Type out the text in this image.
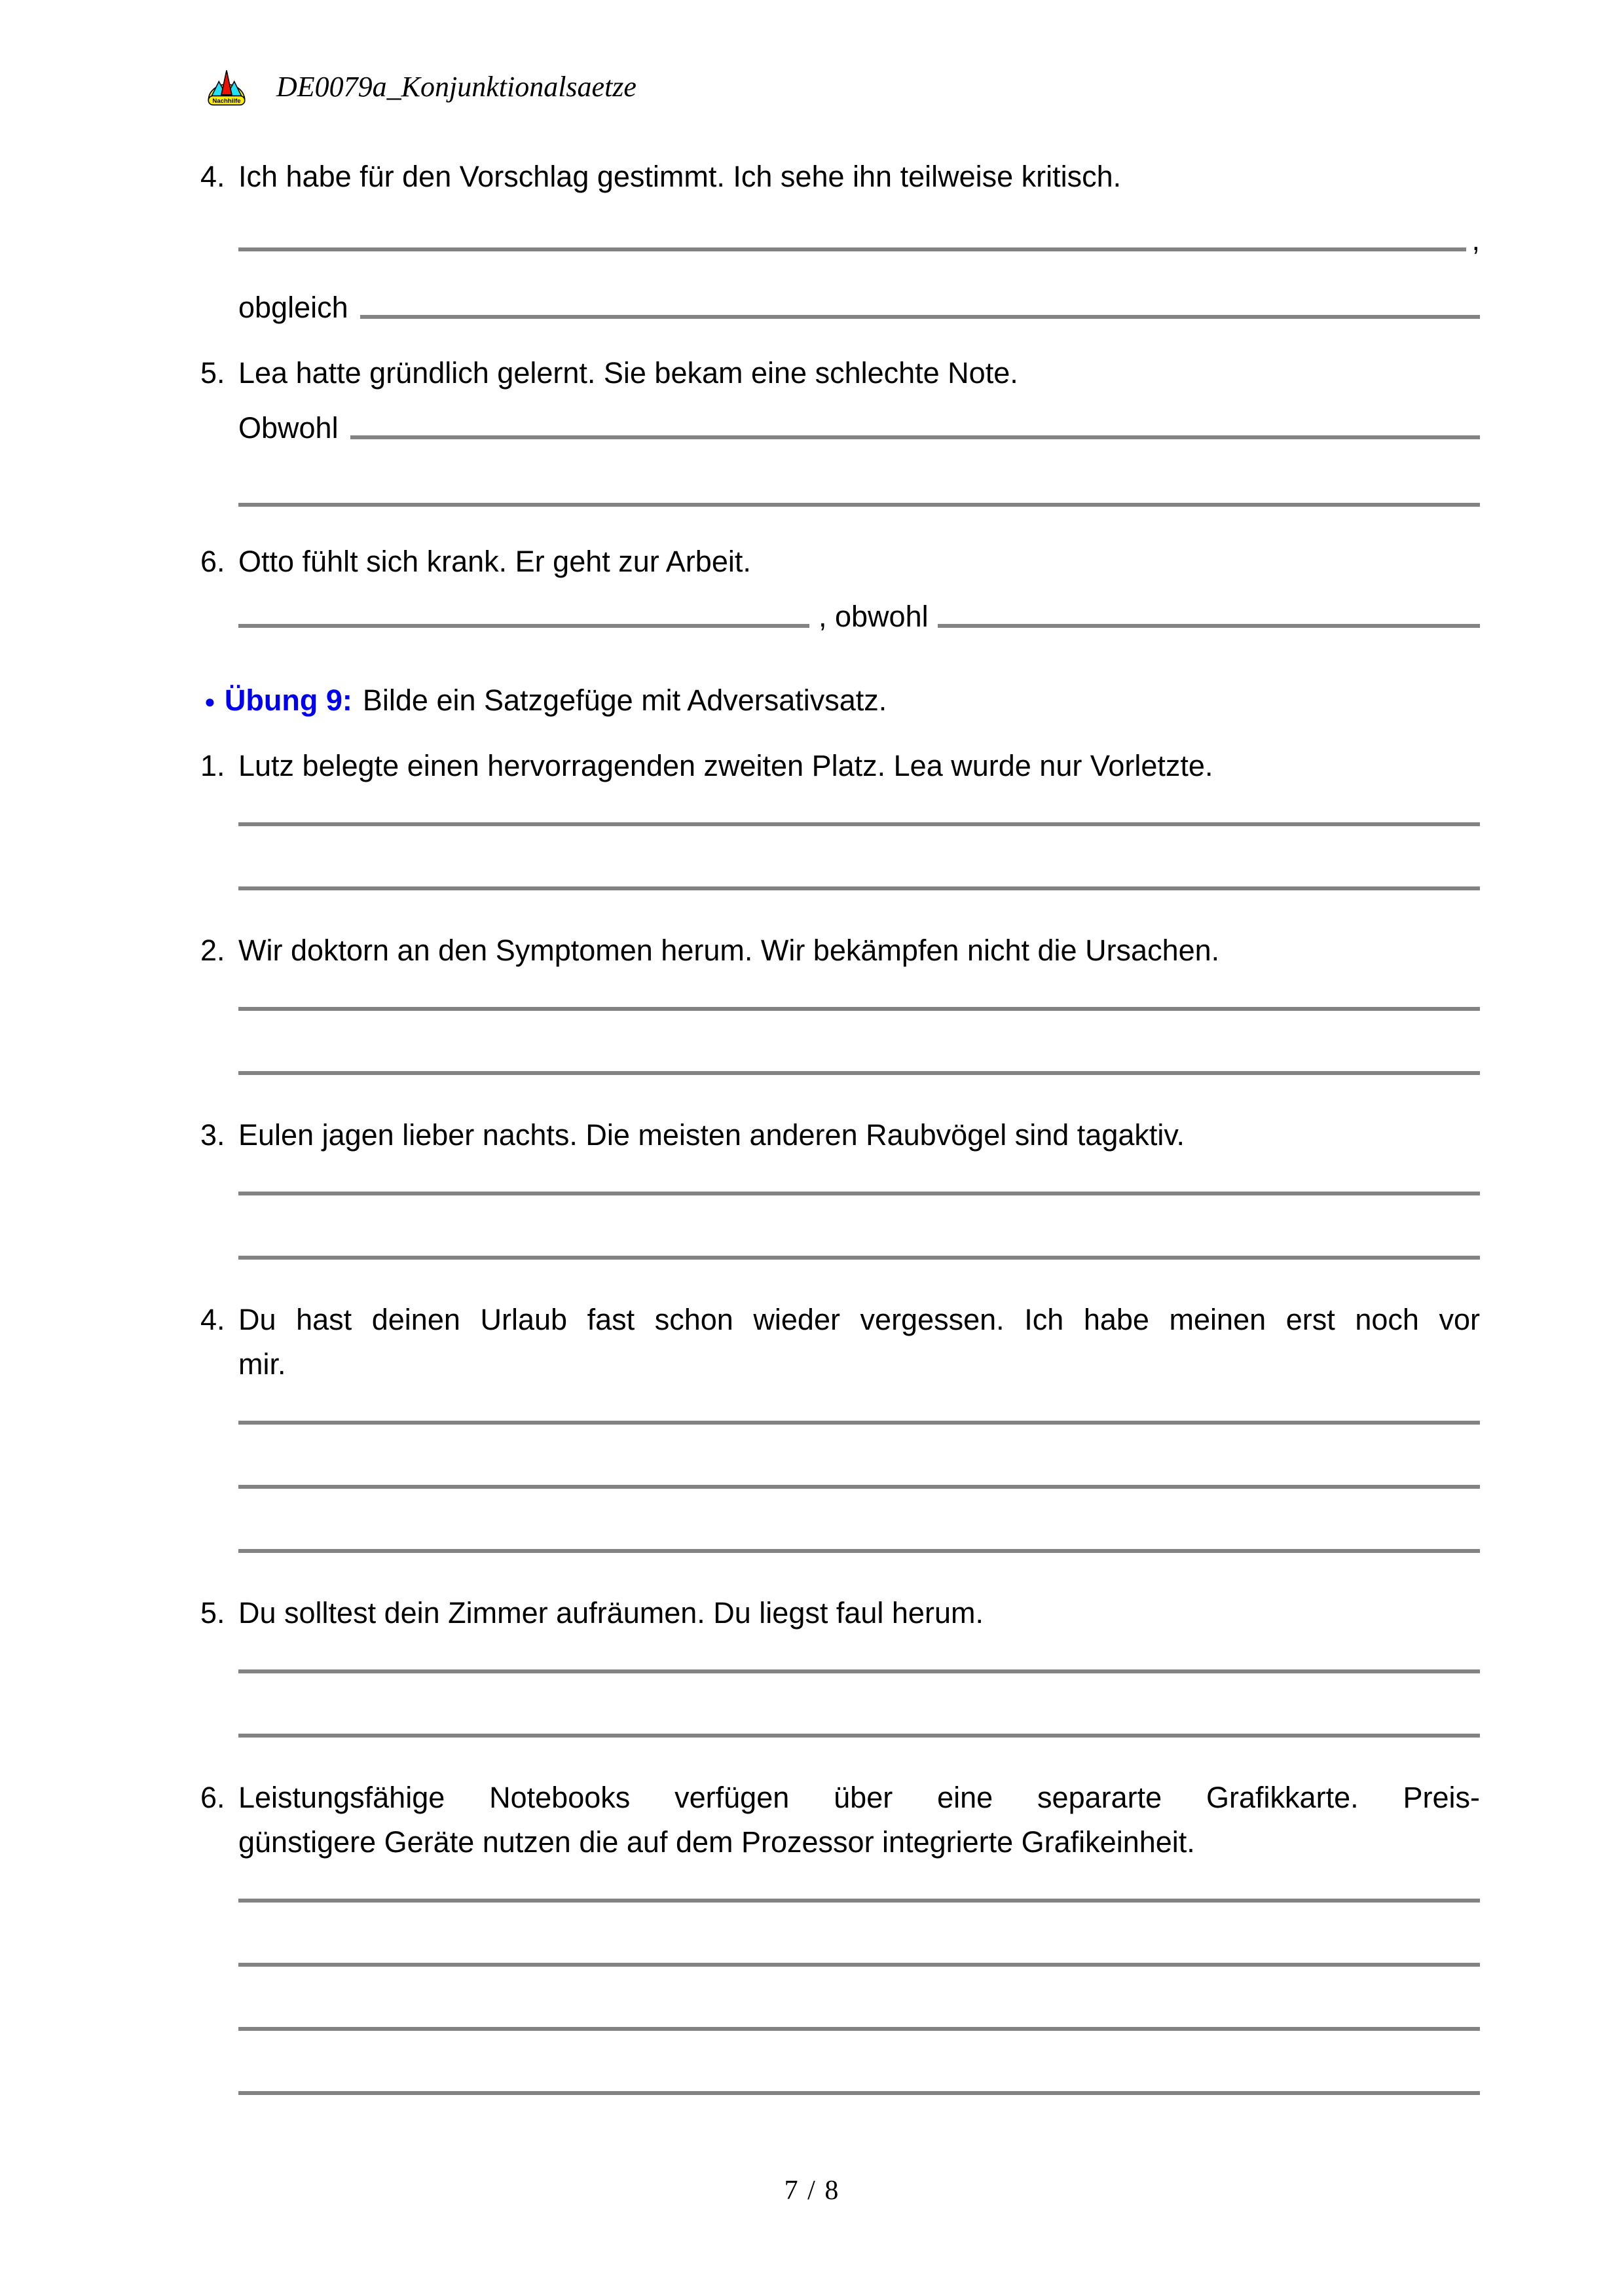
Nachhilfe DE0079a_Konjunktionalsaetze
4. Ich habe für den Vorschlag gestimmt. Ich sehe ihn teilweise kritisch.
,
obgleich
5. Lea hatte gründlich gelernt. Sie bekam eine schlechte Note.
Obwohl
6. Otto fühlt sich krank. Er geht zur Arbeit.
, obwohl
● Übung 9: Bilde ein Satzgefüge mit Adversativsatz.
1. Lutz belegte einen hervorragenden zweiten Platz. Lea wurde nur Vorletzte.
2. Wir doktorn an den Symptomen herum. Wir bekämpfen nicht die Ursachen.
3. Eulen jagen lieber nachts. Die meisten anderen Raubvögel sind tagaktiv.
4. Du hast deinen Urlaub fast schon wieder vergessen. Ich habe meinen erst noch vor
mir.
5. Du solltest dein Zimmer aufräumen. Du liegst faul herum.
6. Leistungsfähige Notebooks verfügen über eine separarte Grafikkarte. Preis-
günstigere Geräte nutzen die auf dem Prozessor integrierte Grafikeinheit.
7 / 8
